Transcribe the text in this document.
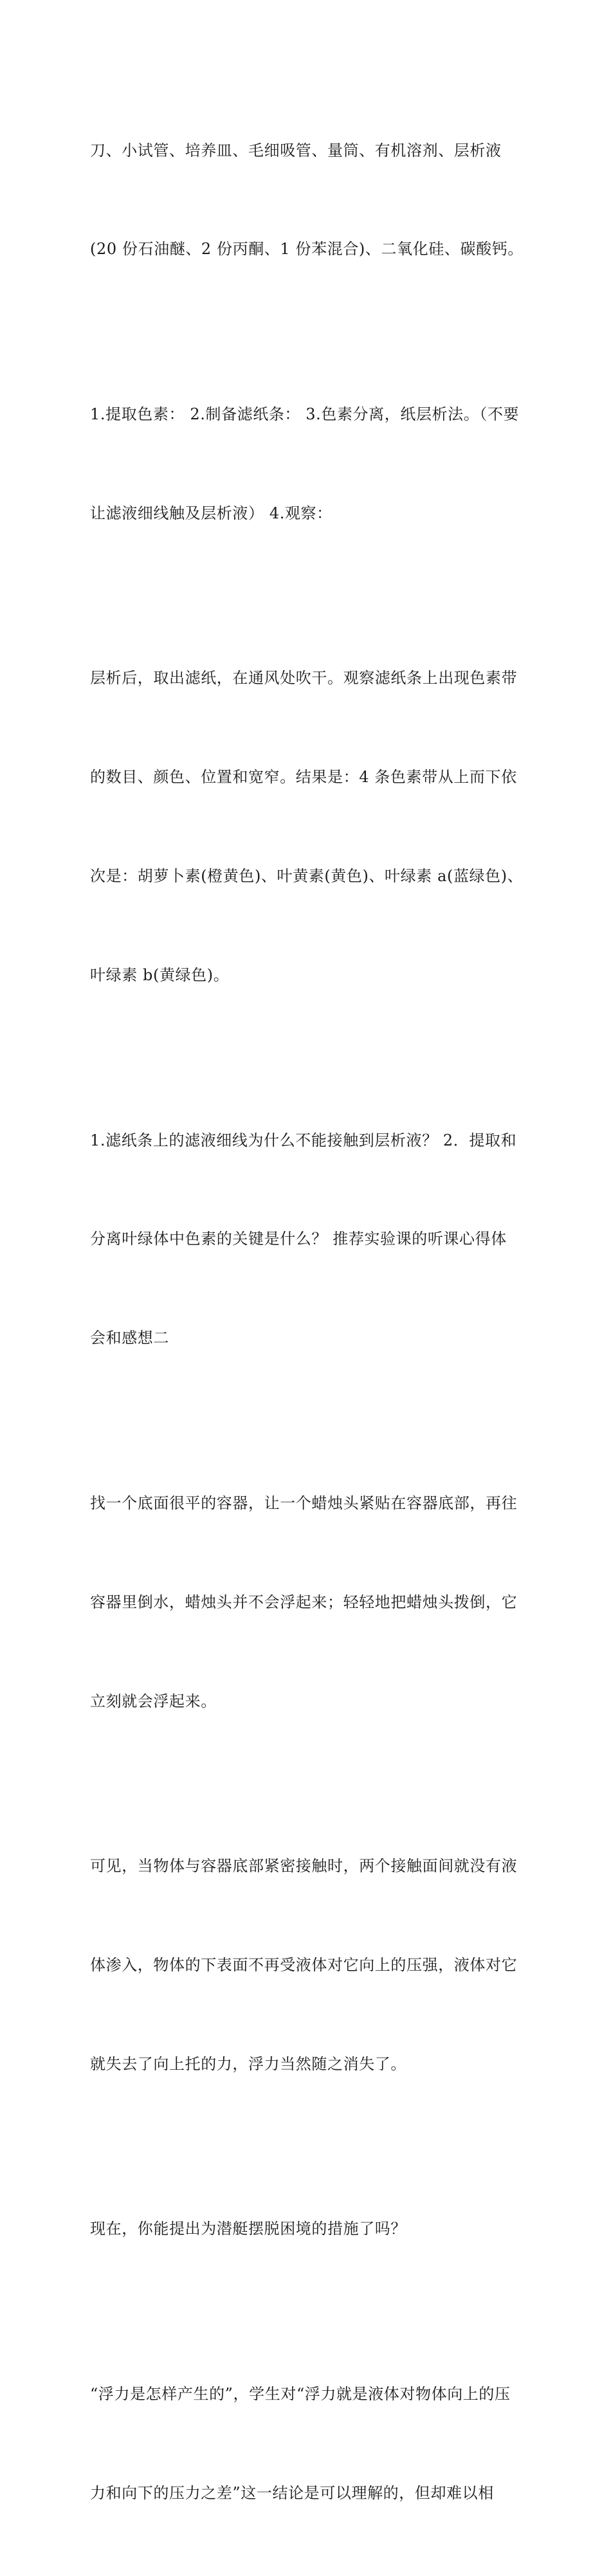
刀、小试管、培养皿、毛细吸管、量筒、有机溶剂、层析液

(20 份石油醚、2 份丙酮、1 份苯混合)、二氧化硅、碳酸钙。

1.提取色素： 2.制备滤纸条： 3.色素分离，纸层析法。（不要

让滤液细线触及层析液） 4.观察：

层析后，取出滤纸，在通风处吹干。观察滤纸条上出现色素带

的数目、颜色、位置和宽窄。结果是：4 条色素带从上而下依

次是：胡萝卜素(橙黄色)、叶黄素(黄色)、叶绿素 a(蓝绿色)、

叶绿素 b(黄绿色)。

1.滤纸条上的滤液细线为什么不能接触到层析液？ 2．提取和

分离叶绿体中色素的关键是什么？ 推荐实验课的听课心得体

会和感想二

找一个底面很平的容器，让一个蜡烛头紧贴在容器底部，再往

容器里倒水，蜡烛头并不会浮起来；轻轻地把蜡烛头拨倒，它

立刻就会浮起来。

可见，当物体与容器底部紧密接触时，两个接触面间就没有液

体渗入，物体的下表面不再受液体对它向上的压强，液体对它

就失去了向上托的力，浮力当然随之消失了。

现在，你能提出为潜艇摆脱困境的措施了吗？

“浮力是怎样产生的”，学生对“浮力就是液体对物体向上的压

力和向下的压力之差”这一结论是可以理解的，但却难以相
